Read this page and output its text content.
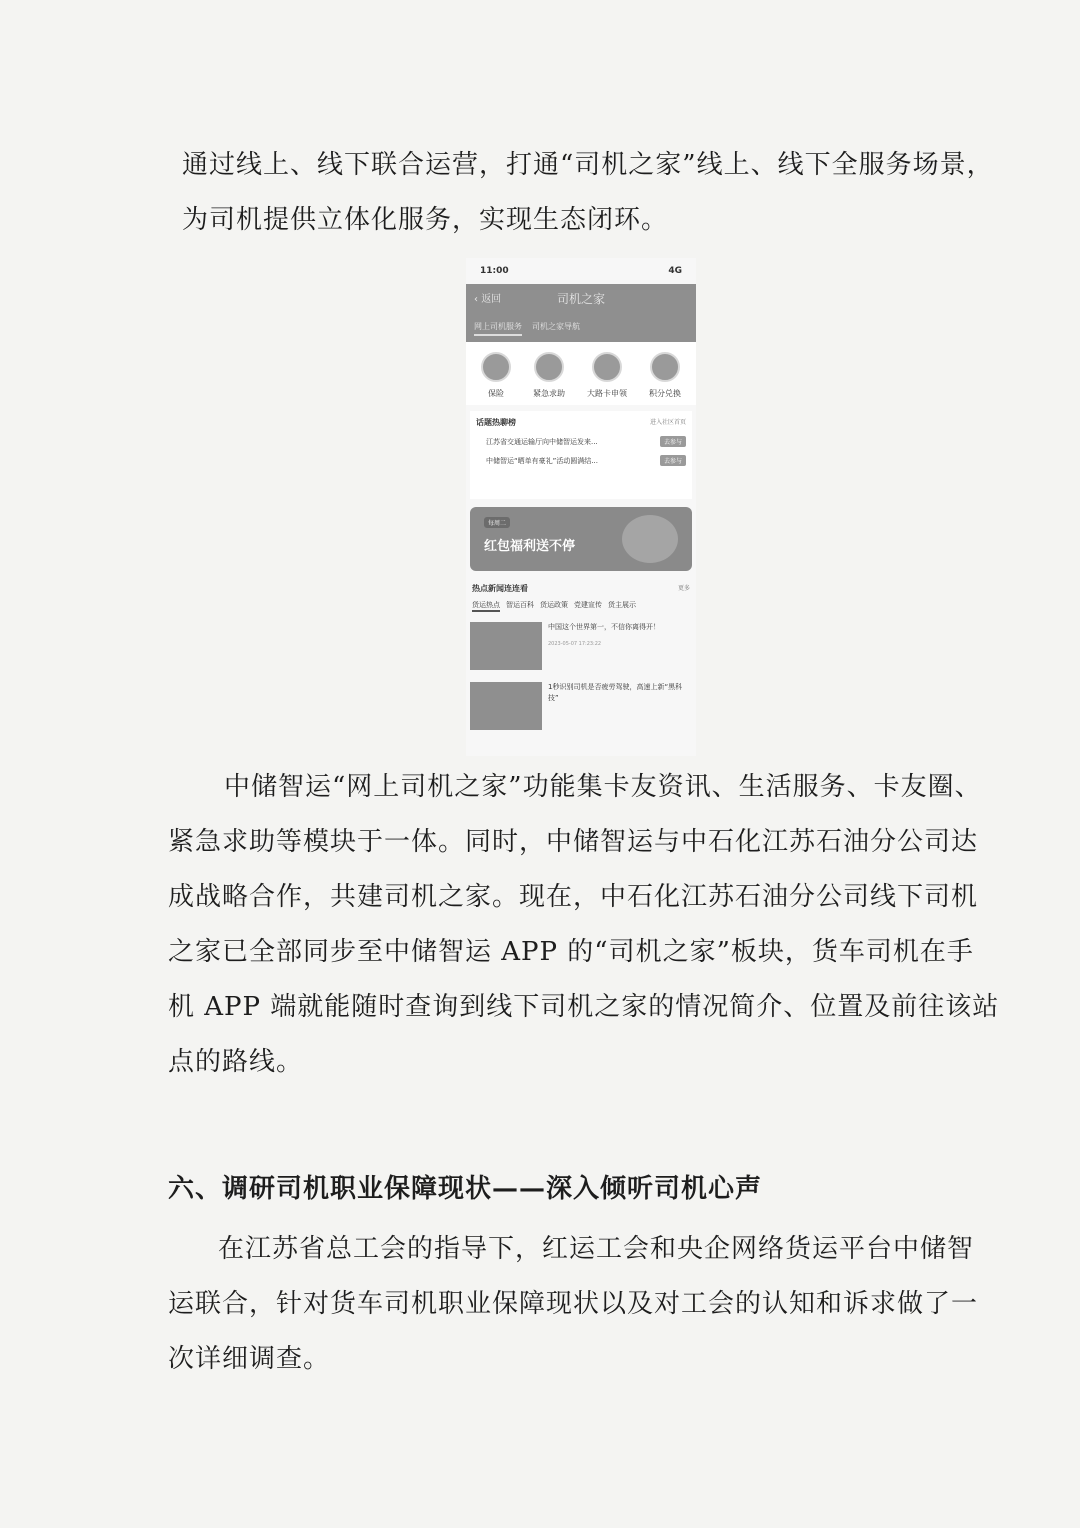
通过线上、线下联合运营，打通“司机之家”线上、线下全服务场景，
为司机提供立体化服务，实现生态闭环。
11:00	4G
‹ 返回	司机之家
网上司机服务 司机之家导航
保险	紧急求助	大路卡申领	积分兑换
话题热聊榜	进入社区首页
江苏省交通运输厅向中储智运发来...	去参与
中储智运“晒单有豪礼”活动圆满结...	去参与
每周二
红包福利送不停
热点新闻连连看	更多
货运热点 智运百科 货运政策 党建宣传 货主展示
中国这个世界第一，不信你离得开！
2023-05-07 17:23:22
1秒识别司机是否疲劳驾驶，高速上新“黑科技”
中储智运“网上司机之家”功能集卡友资讯、生活服务、卡友圈、
紧急求助等模块于一体。同时，中储智运与中石化江苏石油分公司达
成战略合作，共建司机之家。现在，中石化江苏石油分公司线下司机
之家已全部同步至中储智运 APP 的“司机之家”板块，货车司机在手
机 APP 端就能随时查询到线下司机之家的情况简介、位置及前往该站
点的路线。
六、调研司机职业保障现状——深入倾听司机心声
在江苏省总工会的指导下，红运工会和央企网络货运平台中储智
运联合，针对货车司机职业保障现状以及对工会的认知和诉求做了一
次详细调查。
